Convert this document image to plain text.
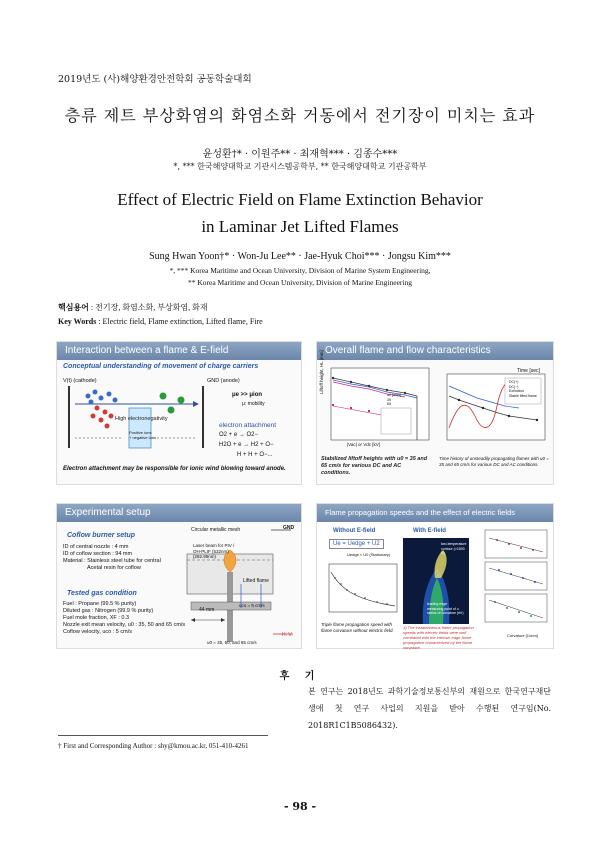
2019년도 (사)해양환경안전학회 공동학술대회
층류 제트 부상화염의 화염소화 거동에서 전기장이 미치는 효과
윤성환†* · 이원주** · 최재혁*** · 김종수***
*, *** 한국해양대학교 기관시스템공학부, ** 한국해양대학교 기관공학부
Effect of Electric Field on Flame Extinction Behavior
in Laminar Jet Lifted Flames
Sung Hwan Yoon†* · Won-Ju Lee** · Jae-Hyuk Choi*** · Jongsu Kim***
*, *** Korea Maritime and Ocean University, Division of Marine System Engineering,
** Korea Maritime and Ocean University, Division of Marine Engineering
핵심용어 : 전기장, 화염소화, 부상화염, 화재
Key Words : Electric field, Flame extinction, Lifted flame, Fire
Interaction between a flame & E-field
Conceptual understanding of movement of charge carriers
V(t) (cathode)	GND (anode)
High electronegativity
Positive ions
+ negative ions
μe >> μion
μ: mobility
electron attachment
O2 + e → O2−
H2O + e → H2 + O−
H + H + O−...
Electron attachment may be responsible for ionic wind blowing toward anode.
Overall flame and flow characteristics
Liftoff height, HL [mm]
u0 [cm/s]
35
65
|Vac| or Vdc [kV]
Time [sec]
DC(+)
DC(−)
Extinction
Stable lifted flame
Stabilized liftoff heights with u0 = 35 and 65 cm/s for various DC and AC conditions.
Time history of unsteadily propagating flames with u0 = 35 and 65 cm/s for various DC and AC conditions.
Experimental setup
Coflow burner setup
ID of central nozzle : 4 mm
ID of coflow section : 94 mm
Material : Stainless steel tube for central
Acetal resin for coflow
Tested gas condition
Fuel : Propane (99.5 % purity)
Diluted gas : Nitrogen (99.9 % purity)
Fuel mole fraction, XF : 0.3
Nozzle exit mean velocity, u0 : 35, 50 and 65 cm/s
Coflow velocity, uco : 5 cm/s
Circular metallic mesh
Laser beam for PIV / OH-PLIF (532nm) (282.95nm)
GND
Lifted flame
44 mm
uco = 5 cm/s
H. V.
u0 = 35, 50, and 65 cm/s
Flame propagation speeds and the effect of electric fields
Without E-field	With E-field
Ue = Uedge + U2
Uedge ≈ U0 (Stationary)
two-temperature contour (>1500 K)
leading edge
measuring point of u
radius of curvature (rf/r)
Curvature [1/mm]
Triple flame propagation speed with flame curvature without electric field.	1) The instantaneous flame propagation speeds with electric fields were well correlated with the intrinsic edge flame propagation characterized by the flame curvature.
후 기
본 연구는 2018년도 과학기술정보통신부의 재원으로 한국연구재단 생애 첫 연구 사업의 지원을 받아 수행된 연구임(No. 2018R1C1B5086432).
† First and Corresponding Author : shy@kmou.ac.kr, 051-410-4261
- 98 -
